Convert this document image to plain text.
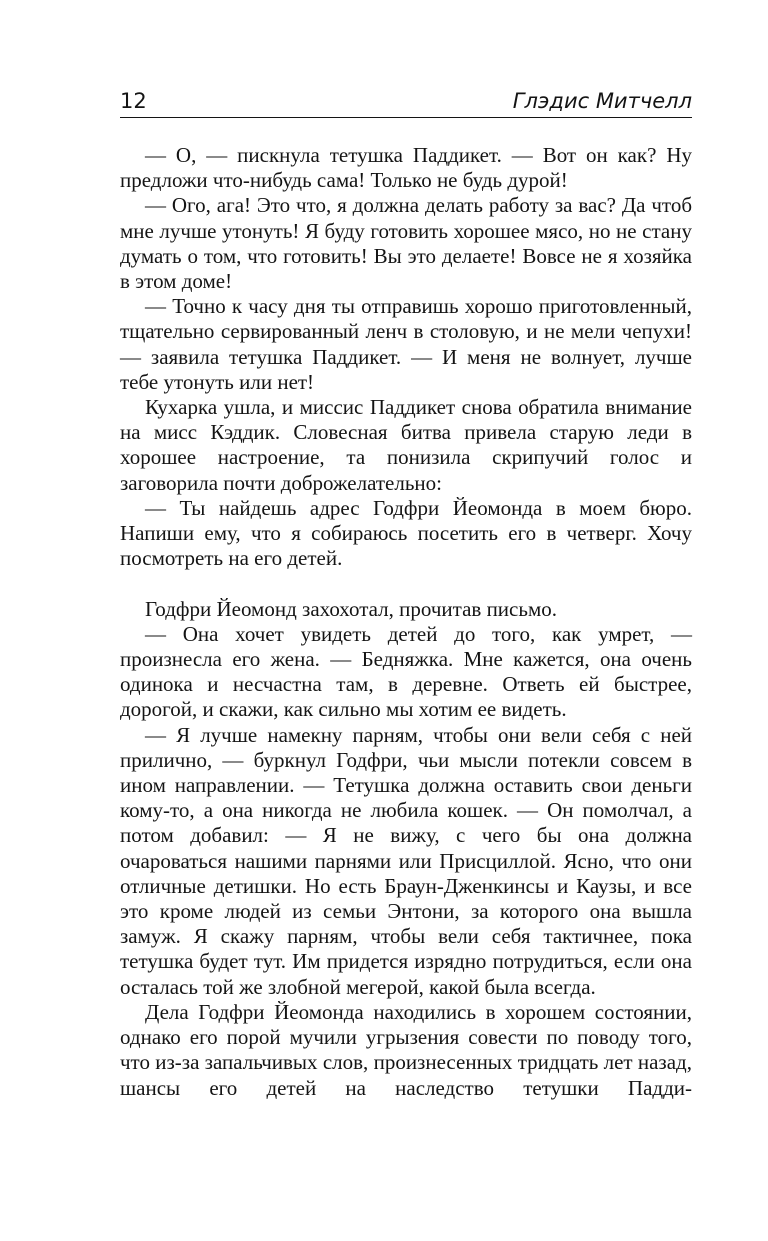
12	Глэдис Митчелл

— О, — пискнула тетушка Паддикет. — Вот он как? Ну предложи что-нибудь сама! Только не будь дурой!

— Ого, ага! Это что, я должна делать работу за вас? Да чтоб мне лучше утонуть! Я буду готовить хорошее мясо, но не стану думать о том, что готовить! Вы это делаете! Вовсе не я хозяйка в этом доме!

— Точно к часу дня ты отправишь хорошо приготовленный, тщательно сервированный ленч в столовую, и не мели чепухи! — заявила тетушка Паддикет. — И меня не волнует, лучше тебе утонуть или нет!

Кухарка ушла, и миссис Паддикет снова обратила внимание на мисс Кэддик. Словесная битва привела старую леди в хорошее настроение, та понизила скрипучий голос и заговорила почти доброжелательно:

— Ты найдешь адрес Годфри Йеомонда в моем бюро. Напиши ему, что я собираюсь посетить его в четверг. Хочу посмотреть на его детей.

Годфри Йеомонд захохотал, прочитав письмо.

— Она хочет увидеть детей до того, как умрет, — произнесла его жена. — Бедняжка. Мне кажется, она очень одинока и несчастна там, в деревне. Ответь ей быстрее, дорогой, и скажи, как сильно мы хотим ее видеть.

— Я лучше намекну парням, чтобы они вели себя с ней прилично, — буркнул Годфри, чьи мысли потекли совсем в ином направлении. — Тетушка должна оставить свои деньги кому-то, а она никогда не любила кошек. — Он помолчал, а потом добавил: — Я не вижу, с чего бы она должна очароваться нашими парнями или Присциллой. Ясно, что они отличные детишки. Но есть Браун-Дженкинсы и Каузы, и все это кроме людей из семьи Энтони, за которого она вышла замуж. Я скажу парням, чтобы вели себя тактичнее, пока тетушка будет тут. Им придется изрядно потрудиться, если она осталась той же злобной мегерой, какой была всегда.

Дела Годфри Йеомонда находились в хорошем состоянии, однако его порой мучили угрызения совести по поводу того, что из-за запальчивых слов, произнесенных тридцать лет назад, шансы его детей на наследство тетушки Падди-
